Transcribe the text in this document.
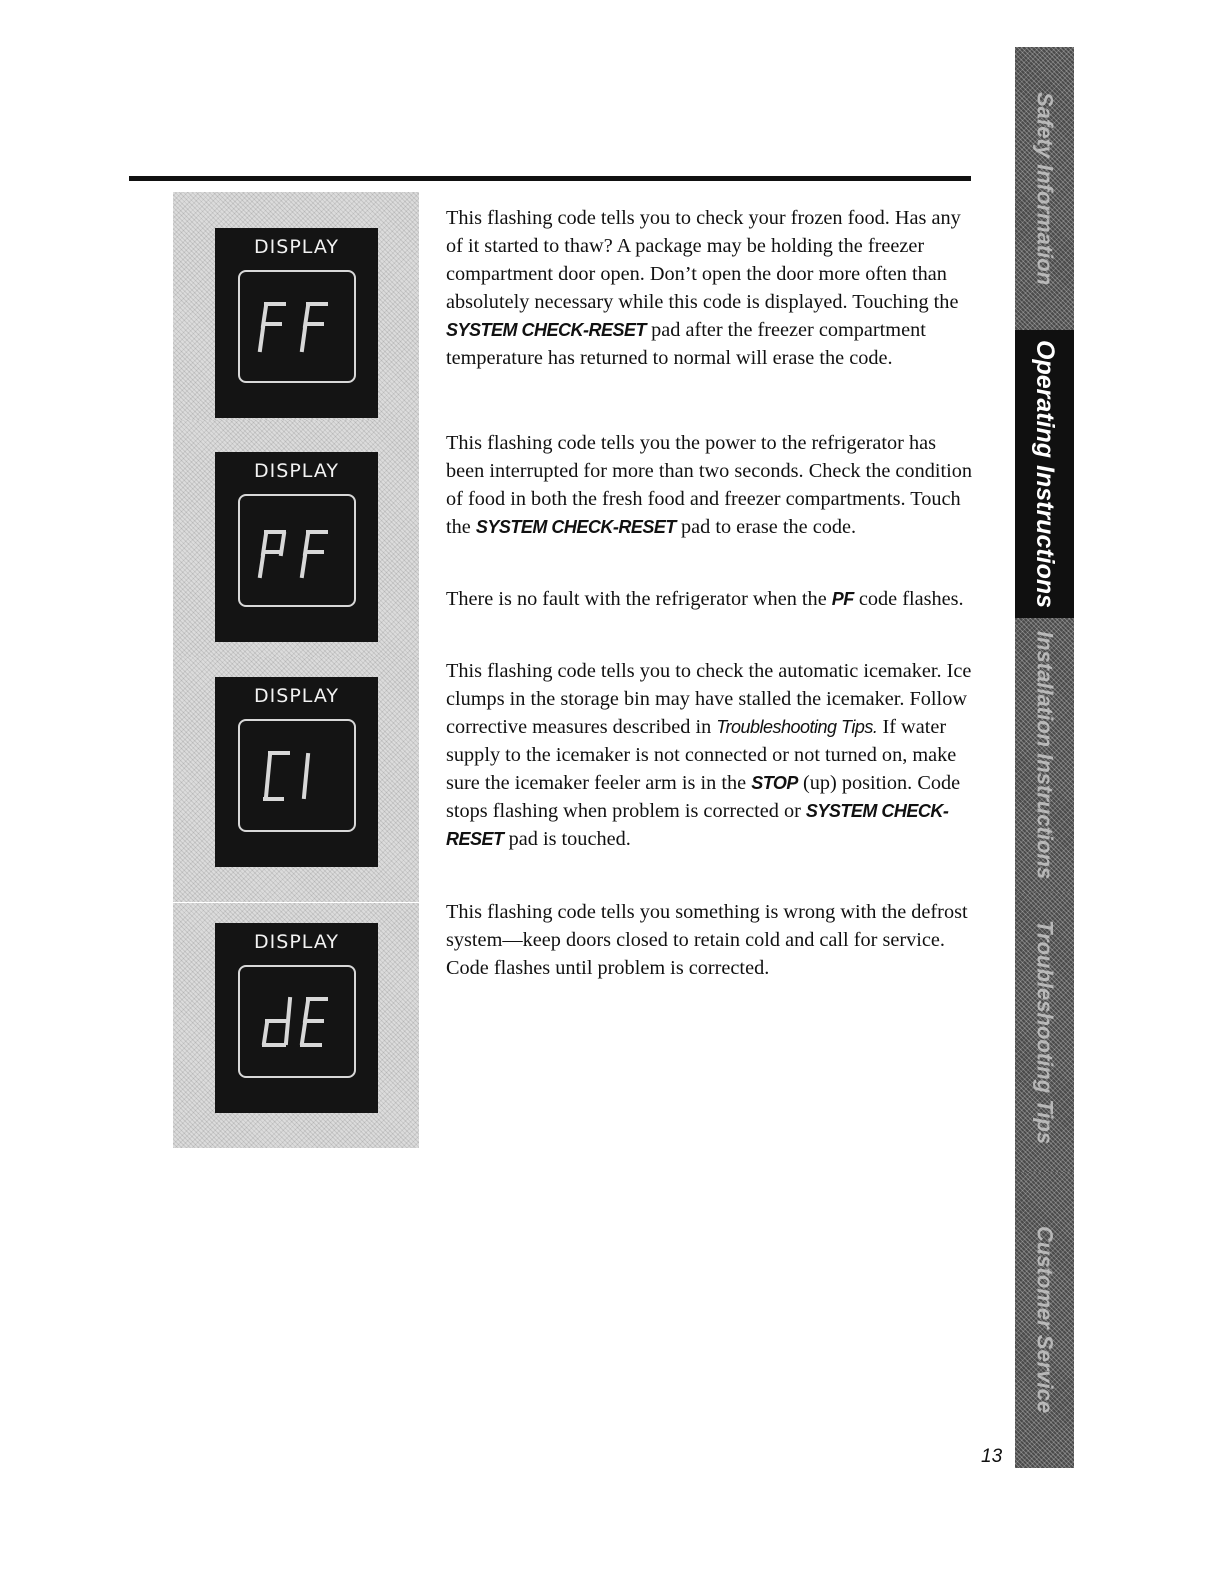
DISPLAY
DISPLAY
DISPLAY
DISPLAY

This flashing code tells you to check your frozen food. Has any of it started to thaw? A package may be holding the freezer compartment door open. Don’t open the door more often than absolutely necessary while this code is displayed. Touching the SYSTEM CHECK-RESET pad after the freezer compartment temperature has returned to normal will erase the code.

This flashing code tells you the power to the refrigerator has been interrupted for more than two seconds. Check the condition of food in both the fresh food and freezer compartments. Touch the SYSTEM CHECK-RESET pad to erase the code.

There is no fault with the refrigerator when the PF code flashes.

This flashing code tells you to check the automatic icemaker. Ice clumps in the storage bin may have stalled the icemaker. Follow corrective measures described in Troubleshooting Tips. If water supply to the icemaker is not connected or not turned on, make sure the icemaker feeler arm is in the STOP (up) position. Code stops flashing when problem is corrected or SYSTEM CHECK-RESET pad is touched.

This flashing code tells you something is wrong with the defrost system—keep doors closed to retain cold and call for service. Code flashes until problem is corrected.

13
Safety Information
Operating Instructions
Installation Instructions
Troubleshooting Tips
Customer Service
